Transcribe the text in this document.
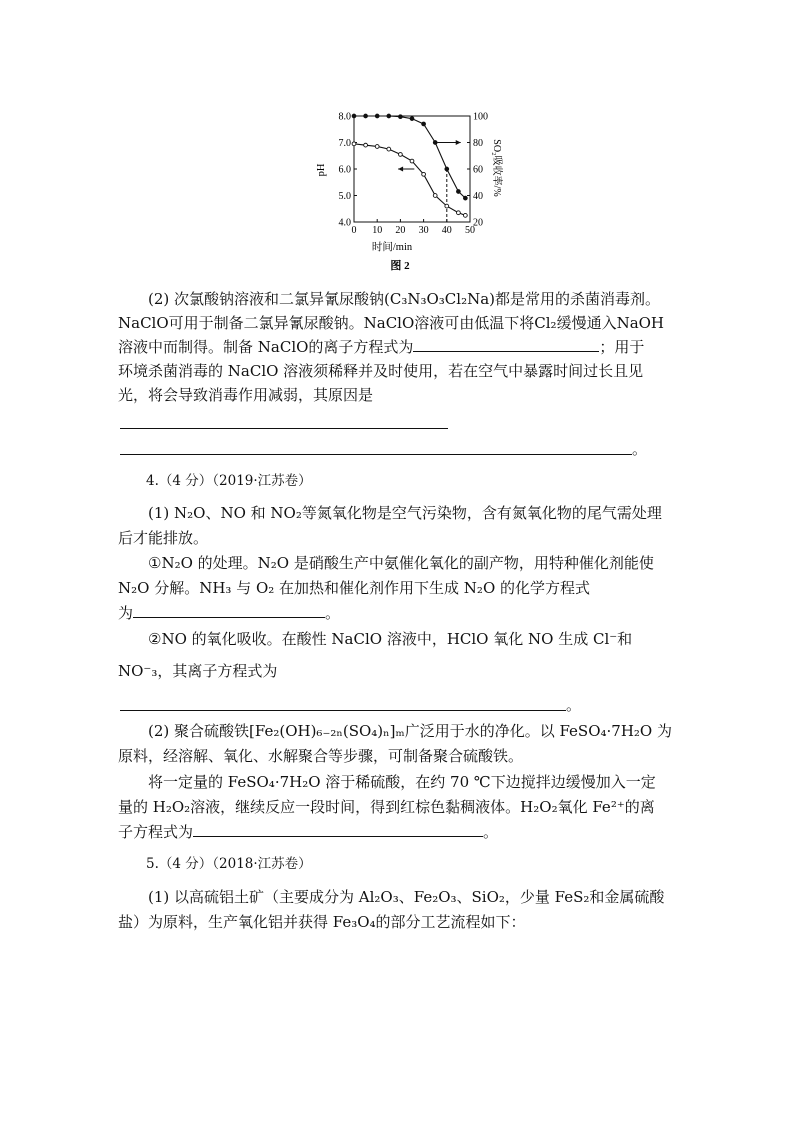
0 10 20 30 40 50
4.0
5.0
6.0
7.0
8.0
20
40
60
80
100
时间/min
pH	SO₂吸收率/%
图 2
(2) 次氯酸钠溶液和二氯异氰尿酸钠(C₃N₃O₃Cl₂Na)都是常用的杀菌消毒剂。
NaClO可用于制备二氯异氰尿酸钠。NaClO溶液可由低温下将Cl₂缓慢通入NaOH
溶液中而制得。制备 NaClO的离子方程式为	；用于
环境杀菌消毒的 NaClO 溶液须稀释并及时使用，若在空气中暴露时间过长且见
光，将会导致消毒作用减弱，其原因是
。
4.（4 分）（2019·江苏卷）
(1) N₂O、NO 和 NO₂等氮氧化物是空气污染物，含有氮氧化物的尾气需处理
后才能排放。
①N₂O 的处理。N₂O 是硝酸生产中氨催化氧化的副产物，用特种催化剂能使
N₂O 分解。NH₃ 与 O₂ 在加热和催化剂作用下生成 N₂O 的化学方程式
为	。
②NO 的氧化吸收。在酸性 NaClO 溶液中，HClO 氧化 NO 生成 Cl⁻和
NO⁻₃，其离子方程式为
。
(2) 聚合硫酸铁[Fe₂(OH)₆₋₂ₙ(SO₄)ₙ]ₘ广泛用于水的净化。以 FeSO₄·7H₂O 为
原料，经溶解、氧化、水解聚合等步骤，可制备聚合硫酸铁。
将一定量的 FeSO₄·7H₂O 溶于稀硫酸，在约 70 ℃下边搅拌边缓慢加入一定
量的 H₂O₂溶液，继续反应一段时间，得到红棕色黏稠液体。H₂O₂氧化 Fe²⁺的离
子方程式为	。
5.（4 分）（2018·江苏卷）
(1) 以高硫铝土矿（主要成分为 Al₂O₃、Fe₂O₃、SiO₂，少量 FeS₂和金属硫酸
盐）为原料，生产氧化铝并获得 Fe₃O₄的部分工艺流程如下：
